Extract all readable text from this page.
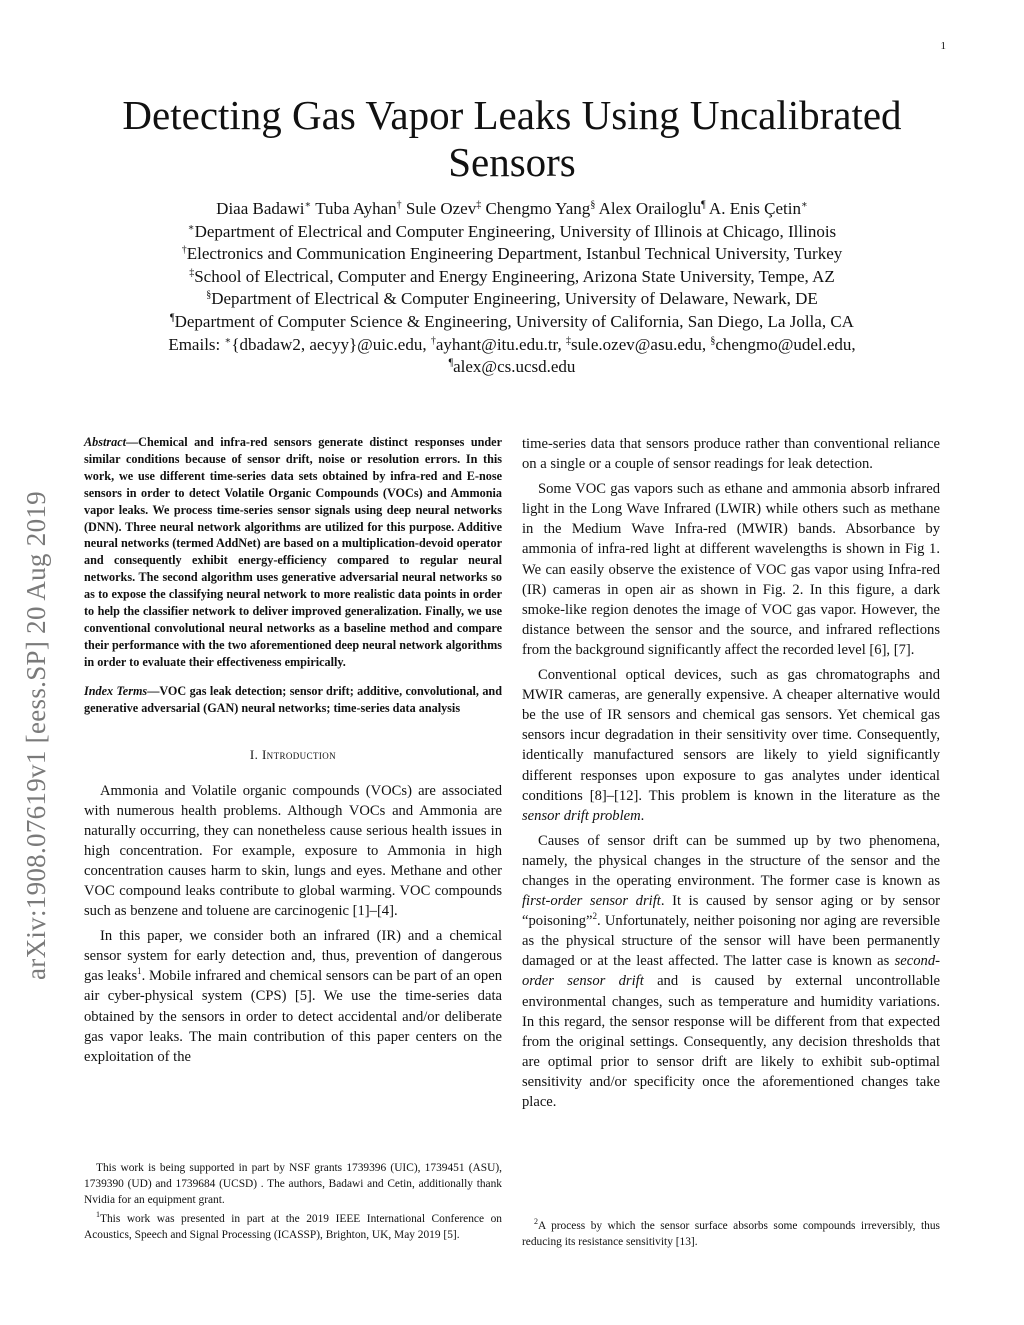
1
arXiv:1908.07619v1 [eess.SP] 20 Aug 2019
Detecting Gas Vapor Leaks Using Uncalibrated Sensors
Diaa Badawi∗ Tuba Ayhan† Sule Ozev‡ Chengmo Yang§ Alex Orailoglu¶ A. Enis Çetin∗
∗Department of Electrical and Computer Engineering, University of Illinois at Chicago, Illinois
†Electronics and Communication Engineering Department, Istanbul Technical University, Turkey
‡School of Electrical, Computer and Energy Engineering, Arizona State University, Tempe, AZ
§Department of Electrical & Computer Engineering, University of Delaware, Newark, DE
¶Department of Computer Science & Engineering, University of California, San Diego, La Jolla, CA
Emails: ∗{dbadaw2, aecyy}@uic.edu, †ayhant@itu.edu.tr, ‡sule.ozev@asu.edu, §chengmo@udel.edu,
¶alex@cs.ucsd.edu

Abstract—Chemical and infra-red sensors generate distinct responses under similar conditions because of sensor drift, noise or resolution errors. In this work, we use different time-series data sets obtained by infra-red and E-nose sensors in order to detect Volatile Organic Compounds (VOCs) and Ammonia vapor leaks. We process time-series sensor signals using deep neural networks (DNN). Three neural network algorithms are utilized for this purpose. Additive neural networks (termed AddNet) are based on a multiplication-devoid operator and consequently exhibit energy-efficiency compared to regular neural networks. The second algorithm uses generative adversarial neural networks so as to expose the classifying neural network to more realistic data points in order to help the classifier network to deliver improved generalization. Finally, we use conventional convolutional neural networks as a baseline method and compare their performance with the two aforementioned deep neural network algorithms in order to evaluate their effectiveness empirically.

Index Terms—VOC gas leak detection; sensor drift; additive, convolutional, and generative adversarial (GAN) neural networks; time-series data analysis

I. Introduction

Ammonia and Volatile organic compounds (VOCs) are associated with numerous health problems. Although VOCs and Ammonia are naturally occurring, they can nonetheless cause serious health issues in high concentration. For example, exposure to Ammonia in high concentration causes harm to skin, lungs and eyes. Methane and other VOC compound leaks contribute to global warming. VOC compounds such as benzene and toluene are carcinogenic [1]–[4].

In this paper, we consider both an infrared (IR) and a chemical sensor system for early detection and, thus, prevention of dangerous gas leaks$^1$. Mobile infrared and chemical sensors can be part of an open air cyber-physical system (CPS) [5]. We use the time-series data obtained by the sensors in order to detect accidental and/or deliberate gas vapor leaks. The main contribution of this paper centers on the exploitation of the

time-series data that sensors produce rather than conventional reliance on a single or a couple of sensor readings for leak detection.

Some VOC gas vapors such as ethane and ammonia absorb infrared light in the Long Wave Infrared (LWIR) while others such as methane in the Medium Wave Infra-red (MWIR) bands. Absorbance by ammonia of infra-red light at different wavelengths is shown in Fig 1. We can easily observe the existence of VOC gas vapor using Infra-red (IR) cameras in open air as shown in Fig. 2. In this figure, a dark smoke-like region denotes the image of VOC gas vapor. However, the distance between the sensor and the source, and infrared reflections from the background significantly affect the recorded level [6], [7].

Conventional optical devices, such as gas chromatographs and MWIR cameras, are generally expensive. A cheaper alternative would be the use of IR sensors and chemical gas sensors. Yet chemical gas sensors incur degradation in their sensitivity over time. Consequently, identically manufactured sensors are likely to yield significantly different responses upon exposure to gas analytes under identical conditions [8]–[12]. This problem is known in the literature as the sensor drift problem.

Causes of sensor drift can be summed up by two phenomena, namely, the physical changes in the structure of the sensor and the changes in the operating environment. The former case is known as first-order sensor drift. It is caused by sensor aging or by sensor “poisoning”$^2$. Unfortunately, neither poisoning nor aging are reversible as the physical structure of the sensor will have been permanently damaged or at the least affected. The latter case is known as second-order sensor drift and is caused by external uncontrollable environmental changes, such as temperature and humidity variations. In this regard, the sensor response will be different from that expected from the original settings. Consequently, any decision thresholds that are optimal prior to sensor drift are likely to exhibit sub-optimal sensitivity and/or specificity once the aforementioned changes take place.

This work is being supported in part by NSF grants 1739396 (UIC), 1739451 (ASU), 1739390 (UD) and 1739684 (UCSD) . The authors, Badawi and Cetin, additionally thank Nvidia for an equipment grant.

$^1$This work was presented in part at the 2019 IEEE International Conference on Acoustics, Speech and Signal Processing (ICASSP), Brighton, UK, May 2019 [5].

$^2$A process by which the sensor surface absorbs some compounds irreversibly, thus reducing its resistance sensitivity [13].
